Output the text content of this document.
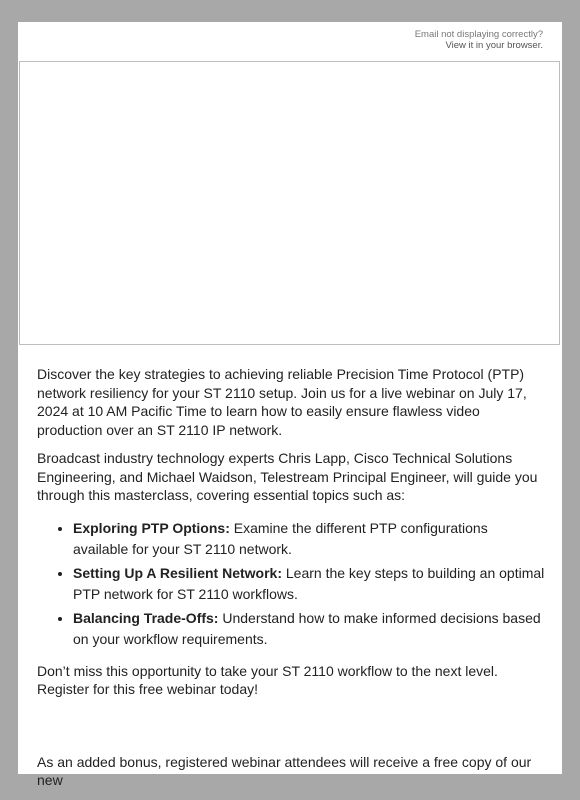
Email not displaying correctly?
View it in your browser.

Discover the key strategies to achieving reliable Precision Time Protocol (PTP) network resiliency for your ST 2110 setup. Join us for a live webinar on July 17, 2024 at 10 AM Pacific Time to learn how to easily ensure flawless video production over an ST 2110 IP network.

Broadcast industry technology experts Chris Lapp, Cisco Technical Solutions Engineering, and Michael Waidson, Telestream Principal Engineer, will guide you through this masterclass, covering essential topics such as:

• Exploring PTP Options: Examine the different PTP configurations available for your ST 2110 network.
• Setting Up A Resilient Network: Learn the key steps to building an optimal PTP network for ST 2110 workflows.
• Balancing Trade-Offs: Understand how to make informed decisions based on your workflow requirements.

Don’t miss this opportunity to take your ST 2110 workflow to the next level. Register for this free webinar today!

As an added bonus, registered webinar attendees will receive a free copy of our new
